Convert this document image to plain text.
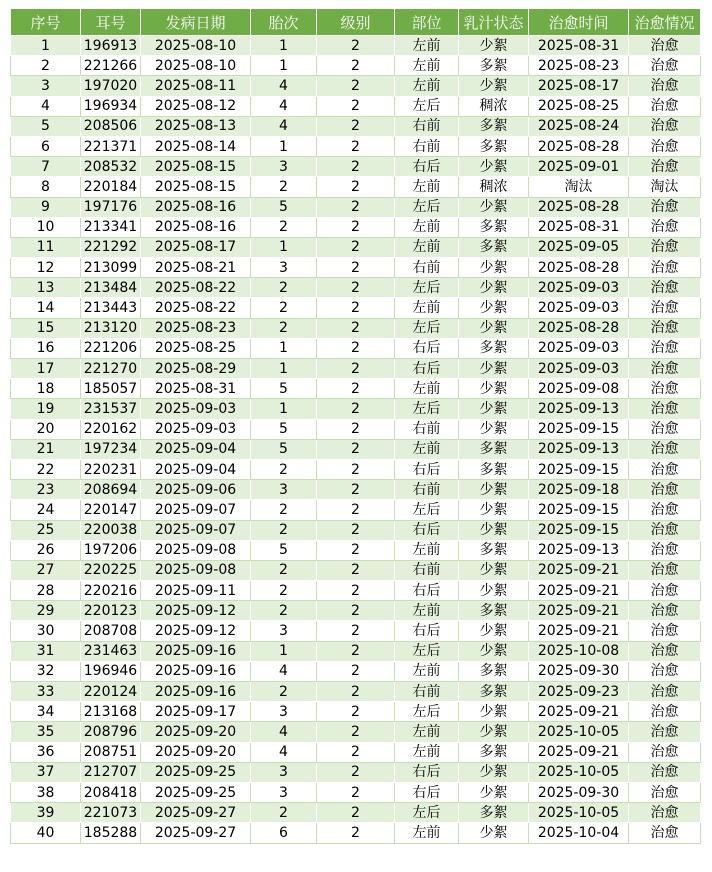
序号	耳号	发病日期	胎次	级别	部位	乳汁状态	治愈时间	治愈情况
1	196913	2025-08-10	1	2	左前	少絮	2025-08-31	治愈
2	221266	2025-08-10	1	2	左前	多絮	2025-08-23	治愈
3	197020	2025-08-11	4	2	左前	少絮	2025-08-17	治愈
4	196934	2025-08-12	4	2	左后	稠浓	2025-08-25	治愈
5	208506	2025-08-13	4	2	右前	多絮	2025-08-24	治愈
6	221371	2025-08-14	1	2	右前	多絮	2025-08-28	治愈
7	208532	2025-08-15	3	2	右后	少絮	2025-09-01	治愈
8	220184	2025-08-15	2	2	左前	稠浓	淘汰	淘汰
9	197176	2025-08-16	5	2	左后	少絮	2025-08-28	治愈
10	213341	2025-08-16	2	2	左前	多絮	2025-08-31	治愈
11	221292	2025-08-17	1	2	左前	多絮	2025-09-05	治愈
12	213099	2025-08-21	3	2	右前	少絮	2025-08-28	治愈
13	213484	2025-08-22	2	2	左后	少絮	2025-09-03	治愈
14	213443	2025-08-22	2	2	左前	少絮	2025-09-03	治愈
15	213120	2025-08-23	2	2	左后	少絮	2025-08-28	治愈
16	221206	2025-08-25	1	2	右后	多絮	2025-09-03	治愈
17	221270	2025-08-29	1	2	右后	少絮	2025-09-03	治愈
18	185057	2025-08-31	5	2	左前	少絮	2025-09-08	治愈
19	231537	2025-09-03	1	2	左后	少絮	2025-09-13	治愈
20	220162	2025-09-03	5	2	右前	少絮	2025-09-15	治愈
21	197234	2025-09-04	5	2	左前	多絮	2025-09-13	治愈
22	220231	2025-09-04	2	2	右后	多絮	2025-09-15	治愈
23	208694	2025-09-06	3	2	右前	少絮	2025-09-18	治愈
24	220147	2025-09-07	2	2	左后	少絮	2025-09-15	治愈
25	220038	2025-09-07	2	2	右后	少絮	2025-09-15	治愈
26	197206	2025-09-08	5	2	左前	多絮	2025-09-13	治愈
27	220225	2025-09-08	2	2	右前	少絮	2025-09-21	治愈
28	220216	2025-09-11	2	2	右后	少絮	2025-09-21	治愈
29	220123	2025-09-12	2	2	左前	多絮	2025-09-21	治愈
30	208708	2025-09-12	3	2	右后	少絮	2025-09-21	治愈
31	231463	2025-09-16	1	2	左后	少絮	2025-10-08	治愈
32	196946	2025-09-16	4	2	左前	多絮	2025-09-30	治愈
33	220124	2025-09-16	2	2	右前	多絮	2025-09-23	治愈
34	213168	2025-09-17	3	2	左后	少絮	2025-09-21	治愈
35	208796	2025-09-20	4	2	左前	少絮	2025-10-05	治愈
36	208751	2025-09-20	4	2	左前	多絮	2025-09-21	治愈
37	212707	2025-09-25	3	2	右后	少絮	2025-10-05	治愈
38	208418	2025-09-25	3	2	右后	少絮	2025-09-30	治愈
39	221073	2025-09-27	2	2	左后	多絮	2025-10-05	治愈
40	185288	2025-09-27	6	2	左前	少絮	2025-10-04	治愈
